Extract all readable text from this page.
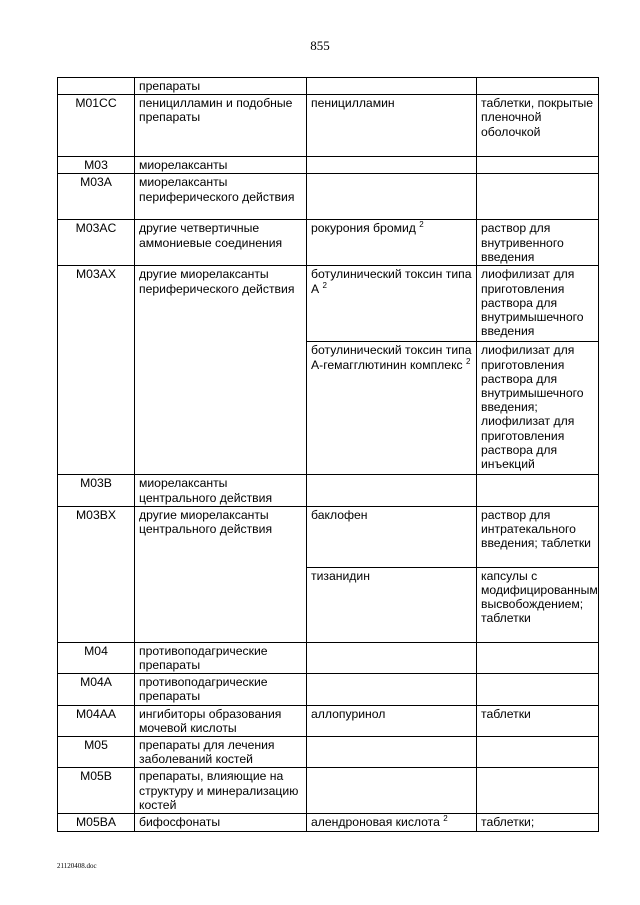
855
	препараты		
M01CC	пеницилламин и подобные препараты	пеницилламин	таблетки, покрытые пленочной оболочкой
M03	миорелаксанты		
M03A	миорелаксанты периферического действия		
M03AC	другие четвертичные аммониевые соединения	рокурония бромид $^2$	раствор для внутривенного введения
M03AX	другие миорелаксанты периферического действия	ботулинический токсин типа А $^2$	лиофилизат для приготовления раствора для внутримышечного введения
		ботулинический токсин типа А-гемагглютинин комплекс $^2$	лиофилизат для приготовления раствора для внутримышечного введения; лиофилизат для приготовления раствора для инъекций
M03B	миорелаксанты центрального действия		
M03BX	другие миорелаксанты центрального действия	баклофен	раствор для интратекального введения; таблетки
		тизанидин	капсулы с модифицированным высвобождением; таблетки
M04	противоподагрические препараты		
M04A	противоподагрические препараты		
M04AA	ингибиторы образования мочевой кислоты	аллопуринол	таблетки
M05	препараты для лечения заболеваний костей		
M05B	препараты, влияющие на структуру и минерализацию костей		
M05BA	бифосфонаты	алендроновая кислота $^2$	таблетки;
21120408.doc
